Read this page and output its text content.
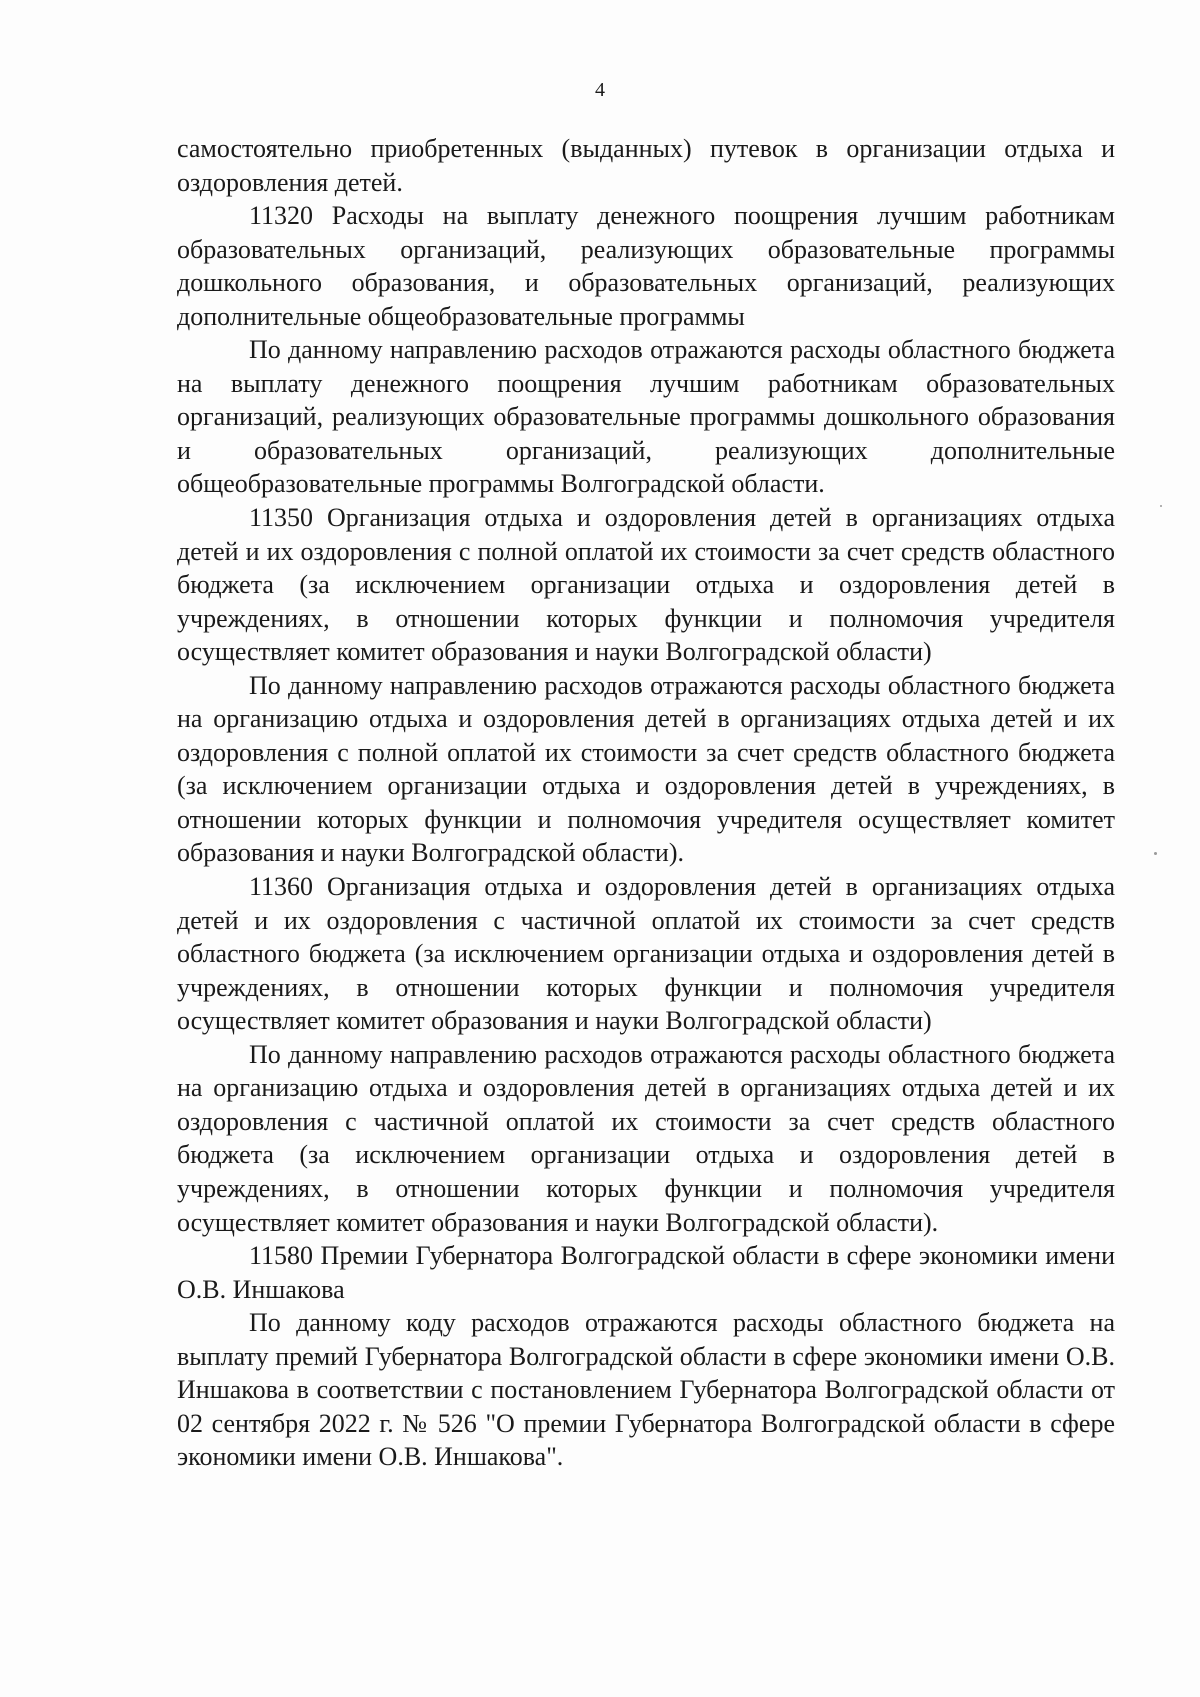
4

самостоятельно приобретенных (выданных) путевок в организации отдыха и оздоровления детей.

11320 Расходы на выплату денежного поощрения лучшим работникам образовательных организаций, реализующих образовательные программы дошкольного образования, и образовательных организаций, реализующих дополнительные общеобразовательные программы

По данному направлению расходов отражаются расходы областного бюджета на выплату денежного поощрения лучшим работникам образовательных организаций, реализующих образовательные программы дошкольного образования и образовательных организаций, реализующих дополнительные общеобразовательные программы Волгоградской области.

11350 Организация отдыха и оздоровления детей в организациях отдыха детей и их оздоровления с полной оплатой их стоимости за счет средств областного бюджета (за исключением организации отдыха и оздоровления детей в учреждениях, в отношении которых функции и полномочия учредителя осуществляет комитет образования и науки Волгоградской области)

По данному направлению расходов отражаются расходы областного бюджета на организацию отдыха и оздоровления детей в организациях отдыха детей и их оздоровления с полной оплатой их стоимости за счет средств областного бюджета (за исключением организации отдыха и оздоровления детей в учреждениях, в отношении которых функции и полномочия учредителя осуществляет комитет образования и науки Волгоградской области).

11360 Организация отдыха и оздоровления детей в организациях отдыха детей и их оздоровления с частичной оплатой их стоимости за счет средств областного бюджета (за исключением организации отдыха и оздоровления детей в учреждениях, в отношении которых функции и полномочия учредителя осуществляет комитет образования и науки Волгоградской области)

По данному направлению расходов отражаются расходы областного бюджета на организацию отдыха и оздоровления детей в организациях отдыха детей и их оздоровления с частичной оплатой их стоимости за счет средств областного бюджета (за исключением организации отдыха и оздоровления детей в учреждениях, в отношении которых функции и полномочия учредителя осуществляет комитет образования и науки Волгоградской области).

11580 Премии Губернатора Волгоградской области в сфере экономики имени О.В. Иншакова

По данному коду расходов отражаются расходы областного бюджета на выплату премий Губернатора Волгоградской области в сфере экономики имени О.В. Иншакова в соответствии с постановлением Губернатора Волгоградской области от 02 сентября 2022 г. № 526 "О премии Губернатора Волгоградской области в сфере экономики имени О.В. Иншакова".
